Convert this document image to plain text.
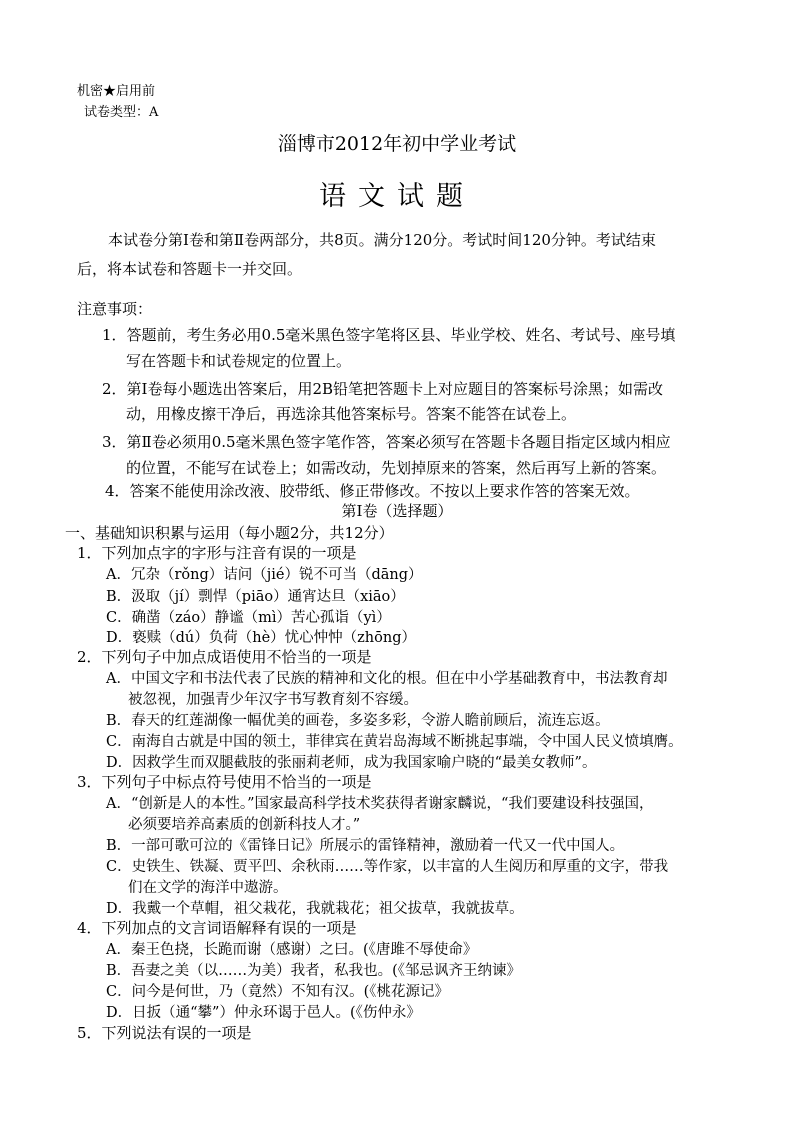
机密★启用前
试卷类型：A
淄博市2012年初中学业考试
语文试题
本试卷分第Ⅰ卷和第Ⅱ卷两部分，共8页。满分120分。考试时间120分钟。考试结束
后，将本试卷和答题卡一并交回。
注意事项：
1．答题前，考生务必用0.5毫米黑色签字笔将区县、毕业学校、姓名、考试号、座号填
写在答题卡和试卷规定的位置上。
2．第Ⅰ卷每小题选出答案后，用2B铅笔把答题卡上对应题目的答案标号涂黑；如需改
动，用橡皮擦干净后，再选涂其他答案标号。答案不能答在试卷上。
3．第Ⅱ卷必须用0.5毫米黑色签字笔作答，答案必须写在答题卡各题目指定区域内相应
的位置，不能写在试卷上；如需改动，先划掉原来的答案，然后再写上新的答案。
4．答案不能使用涂改液、胶带纸、修正带修改。不按以上要求作答的答案无效。
第Ⅰ卷（选择题）
一、基础知识积累与运用（每小题2分，共12分）
1．下列加点字的字形与注音有误的一项是
A．冗杂（rǒng）诘问（jié）锐不可当（dāng）
B．汲取（jí）剽悍（piāo）通宵达旦（xiāo）
C．确凿（záo）静谧（mì）苦心孤诣（yì）
D．亵赎（dú）负荷（hè）忧心忡忡（zhōng）
2．下列句子中加点成语使用不恰当的一项是
A．中国文字和书法代表了民族的精神和文化的根。但在中小学基础教育中，书法教育却
被忽视，加强青少年汉字书写教育刻不容缓。
B．春天的红莲湖像一幅优美的画卷，多姿多彩，令游人瞻前顾后，流连忘返。
C．南海自古就是中国的领土，菲律宾在黄岩岛海域不断挑起事端，令中国人民义愤填膺。
D．因救学生而双腿截肢的张丽莉老师，成为我国家喻户晓的“最美女教师”。
3．下列句子中标点符号使用不恰当的一项是
A．“创新是人的本性。”国家最高科学技术奖获得者谢家麟说，“我们要建设科技强国，
必须要培养高素质的创新科技人才。”
B．一部可歌可泣的《雷锋日记》所展示的雷锋精神，激励着一代又一代中国人。
C．史铁生、铁凝、贾平凹、余秋雨……等作家，以丰富的人生阅历和厚重的文字，带我
们在文学的海洋中遨游。
D．我戴一个草帽，祖父栽花，我就栽花；祖父拔草，我就拔草。
4．下列加点的文言词语解释有误的一项是
A．秦王色挠，长跪而谢（感谢）之曰。(《唐雎不辱使命》
B．吾妻之美（以……为美）我者，私我也。(《邹忌讽齐王纳谏》
C．问今是何世，乃（竟然）不知有汉。(《桃花源记》
D．日扳（通“攀”）仲永环谒于邑人。(《伤仲永》
5．下列说法有误的一项是
